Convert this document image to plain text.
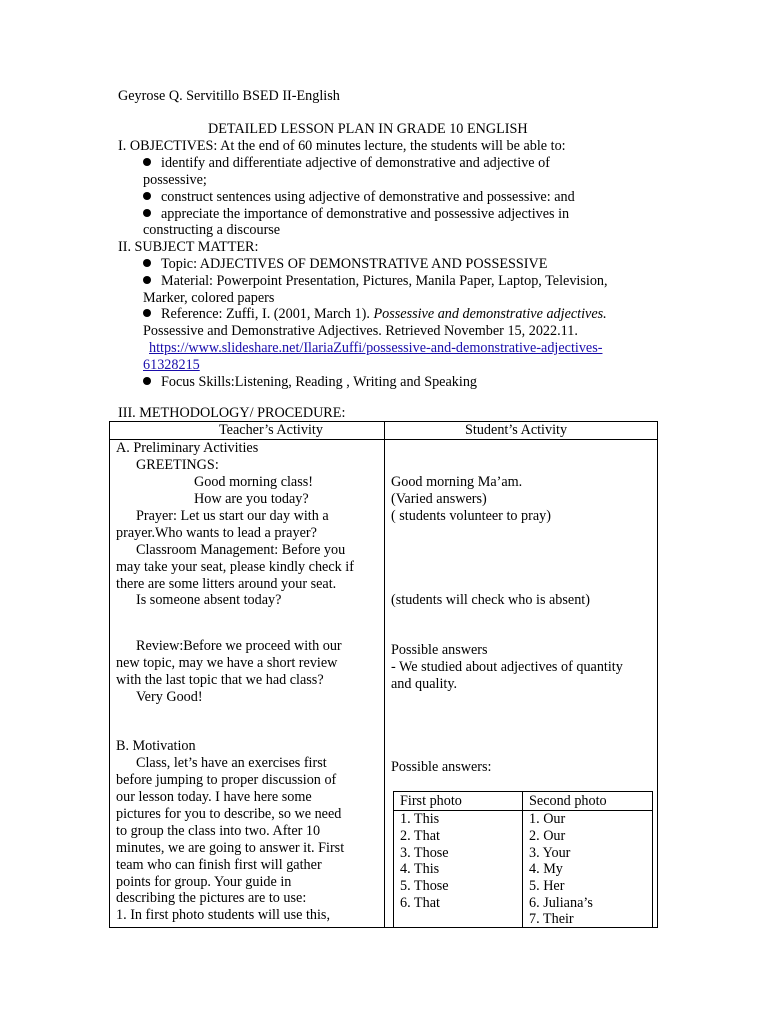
Geyrose Q. Servitillo BSED II-English
DETAILED LESSON PLAN IN GRADE 10 ENGLISH
I. OBJECTIVES: At the end of 60 minutes lecture, the students will be able to:
identify and differentiate adjective of demonstrative and adjective of
possessive;
construct sentences using adjective of demonstrative and possessive: and
appreciate the importance of demonstrative and possessive adjectives in
constructing a discourse
II. SUBJECT MATTER:
Topic: ADJECTIVES OF DEMONSTRATIVE AND POSSESSIVE
Material: Powerpoint Presentation, Pictures, Manila Paper, Laptop, Television,
Marker, colored papers
Reference: Zuffi, I. (2001, March 1). Possessive and demonstrative adjectives.
Possessive and Demonstrative Adjectives. Retrieved November 15, 2022.11.
https://www.slideshare.net/IlariaZuffi/possessive-and-demonstrative-adjectives-
61328215
Focus Skills:Listening, Reading , Writing and Speaking
III. METHODOLOGY/ PROCEDURE:
Teacher’s Activity	Student’s Activity
A. Preliminary Activities
GREETINGS:
Good morning class!
How are you today?
Prayer: Let us start our day with a
prayer.Who wants to lead a prayer?
Classroom Management: Before you
may take your seat, please kindly check if
there are some litters around your seat.
Is someone absent today?
Review:Before we proceed with our
new topic, may we have a short review
with the last topic that we had class?
Very Good!
B. Motivation
Class, let’s have an exercises first
before jumping to proper discussion of
our lesson today. I have here some
pictures for you to describe, so we need
to group the class into two. After 10
minutes, we are going to answer it. First
team who can finish first will gather
points for group. Your guide in
describing the pictures are to use:
1. In first photo students will use this,
Good morning Ma’am.
(Varied answers)
( students volunteer to pray)
(students will check who is absent)
Possible answers
- We studied about adjectives of quantity
and quality.
Possible answers:
First photo	Second photo
1. This
2. That
3. Those
4. This
5. Those
6. That
1. Our
2. Our
3. Your
4. My
5. Her
6. Juliana’s
7. Their
